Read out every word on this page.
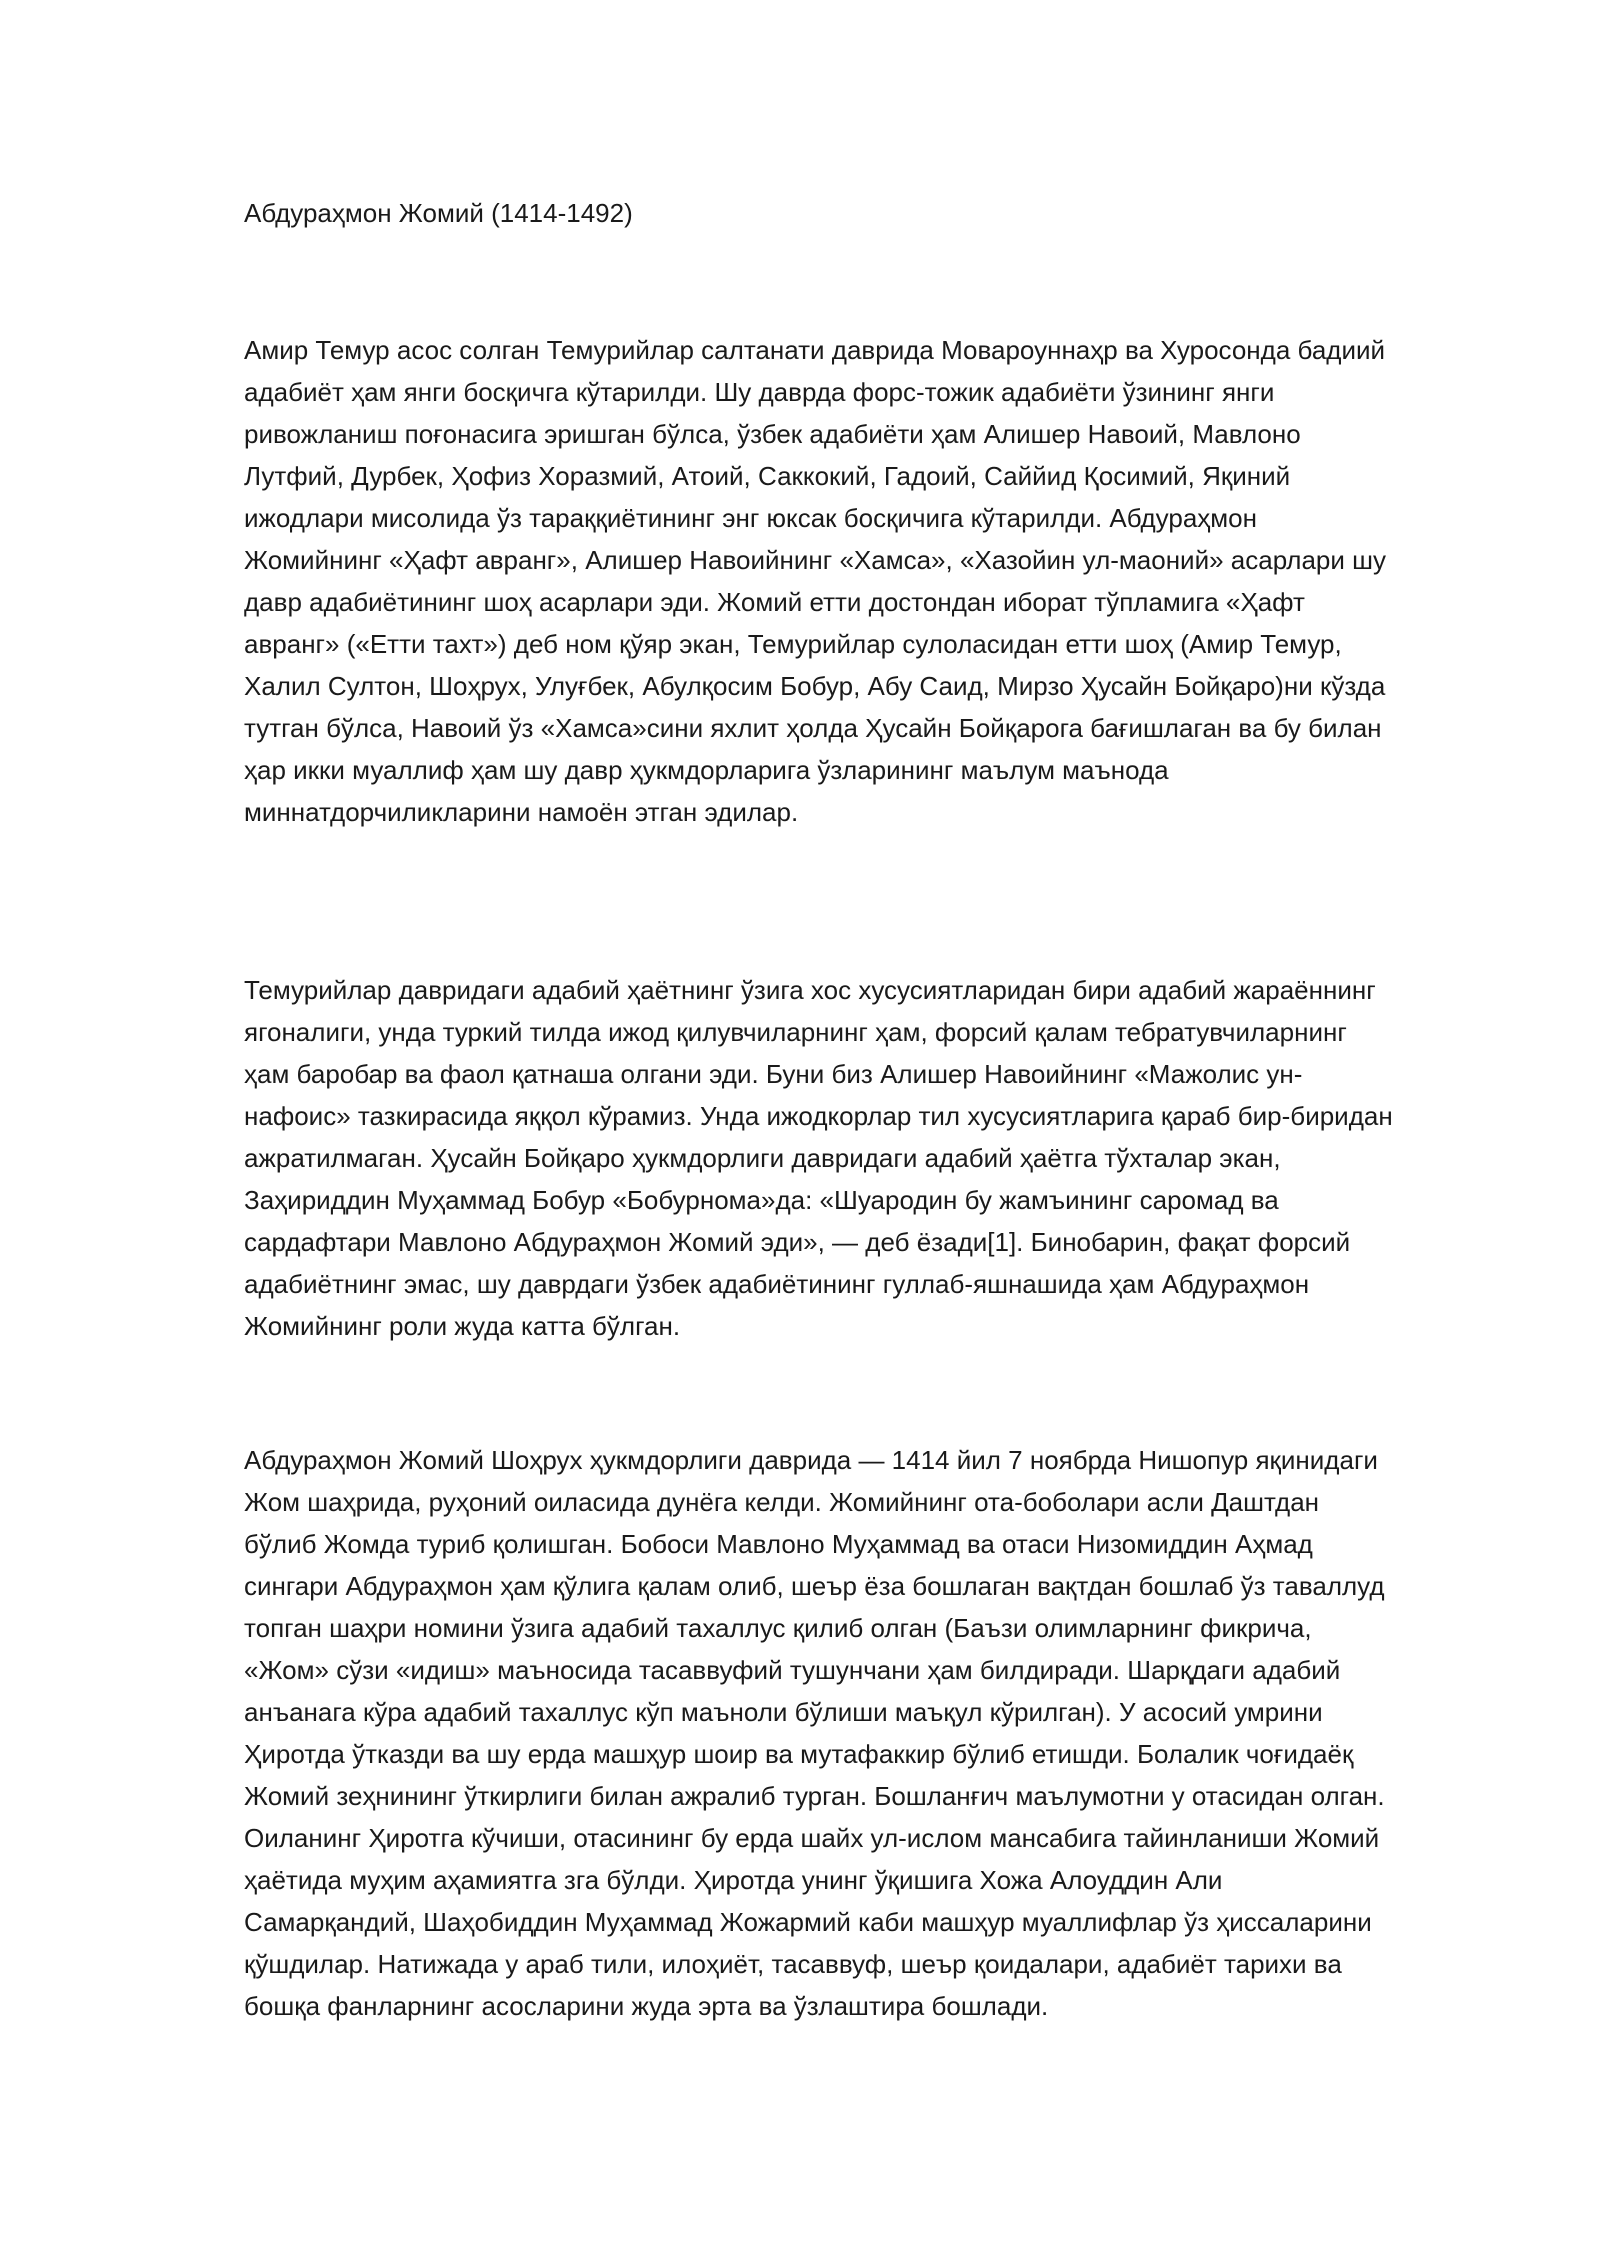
Абдураҳмон Жомий (1414-1492)

Амир Темур асос солган Темурийлар салтанати даврида Мовароуннаҳр ва Хуросонда бадиий адабиёт ҳам янги босқичга кўтарилди. Шу даврда форс-тожик адабиёти ўзининг янги ривожланиш поғонасига эришган бўлса, ўзбек адабиёти ҳам Алишер Навоий, Мавлоно Лутфий, Дурбек, Ҳофиз Хоразмий, Атоий, Саккокий, Гадоий, Саййид Қосимий, Яқиний ижодлари мисолида ўз тараққиётининг энг юксак босқичига кўтарилди. Абдураҳмон Жомийнинг «Ҳафт авранг», Алишер Навоийнинг «Хамса», «Хазойин ул-маоний» асарлари шу давр адабиётининг шоҳ асарлари эди. Жомий етти достондан иборат тўпламига «Ҳафт авранг» («Етти тахт») деб ном қўяр экан, Темурийлар сулоласидан етти шоҳ (Амир Темур, Халил Султон, Шоҳрух, Улуғбек, Абулқосим Бобур, Абу Саид, Мирзо Ҳусайн Бойқаро)ни кўзда тутган бўлса, Навоий ўз «Хамса»сини яхлит ҳолда Ҳусайн Бойқарога бағишлаган ва бу билан ҳар икки муаллиф ҳам шу давр ҳукмдорларига ўзларининг маълум маънода миннатдорчиликларини намоён этган эдилар.

Темурийлар давридаги адабий ҳаётнинг ўзига хос хусусиятларидан бири адабий жараённинг ягоналиги, унда туркий тилда ижод қилувчиларнинг ҳам, форсий қалам тебратувчиларнинг ҳам баробар ва фаол қатнаша олгани эди. Буни биз Алишер Навоийнинг «Мажолис ун-нафоис» тазкирасида яққол кўрамиз. Унда ижодкорлар тил хусусиятларига қараб бир-биридан ажратилмаган. Ҳусайн Бойқаро ҳукмдорлиги давридаги адабий ҳаётга тўхталар экан, Заҳириддин Муҳаммад Бобур «Бобурнома»да: «Шуародин бу жамъининг саромад ва сардафтари Мавлоно Абдураҳмон Жомий эди», — деб ёзади[1]. Бинобарин, фақат форсий адабиётнинг эмас, шу даврдаги ўзбек адабиётининг гуллаб-яшнашида ҳам Абдураҳмон Жомийнинг роли жуда катта бўлган.

Абдураҳмон Жомий Шоҳрух ҳукмдорлиги даврида — 1414 йил 7 ноябрда Нишопур яқинидаги Жом шаҳрида, руҳоний оиласида дунёга келди. Жомийнинг ота-боболари асли Даштдан бўлиб Жомда туриб қолишган. Бобоси Мавлоно Муҳаммад ва отаси Низомиддин Аҳмад сингари Абдураҳмон ҳам қўлига қалам олиб, шеър ёза бошлаган вақтдан бошлаб ўз таваллуд топган шаҳри номини ўзига адабий тахаллус қилиб олган (Баъзи олимларнинг фикрича, «Жом» сўзи «идиш» маъносида тасаввуфий тушунчани ҳам билдиради. Шарқдаги адабий анъанага кўра адабий тахаллус кўп маъноли бўлиши маъқул кўрилган). У асосий умрини Ҳиротда ўтказди ва шу ерда машҳур шоир ва мутафаккир бўлиб етишди. Болалик чоғидаёқ Жомий зеҳнининг ўткирлиги билан ажралиб турган. Бошланғич маълумотни у отасидан олган. Оиланинг Ҳиротга кўчиши, отасининг бу ерда шайх ул-ислом мансабига тайинланиши Жомий ҳаётида муҳим аҳамиятга зга бўлди. Ҳиротда унинг ўқишига Хожа Алоуддин Али Самарқандий, Шаҳобиддин Муҳаммад Жожармий каби машҳур муаллифлар ўз ҳиссаларини қўшдилар. Натижада у араб тили, илоҳиёт, тасаввуф, шеър қоидалари, адабиёт тарихи ва бошқа фанларнинг асосларини жуда эрта ва ўзлаштира бошлади.
